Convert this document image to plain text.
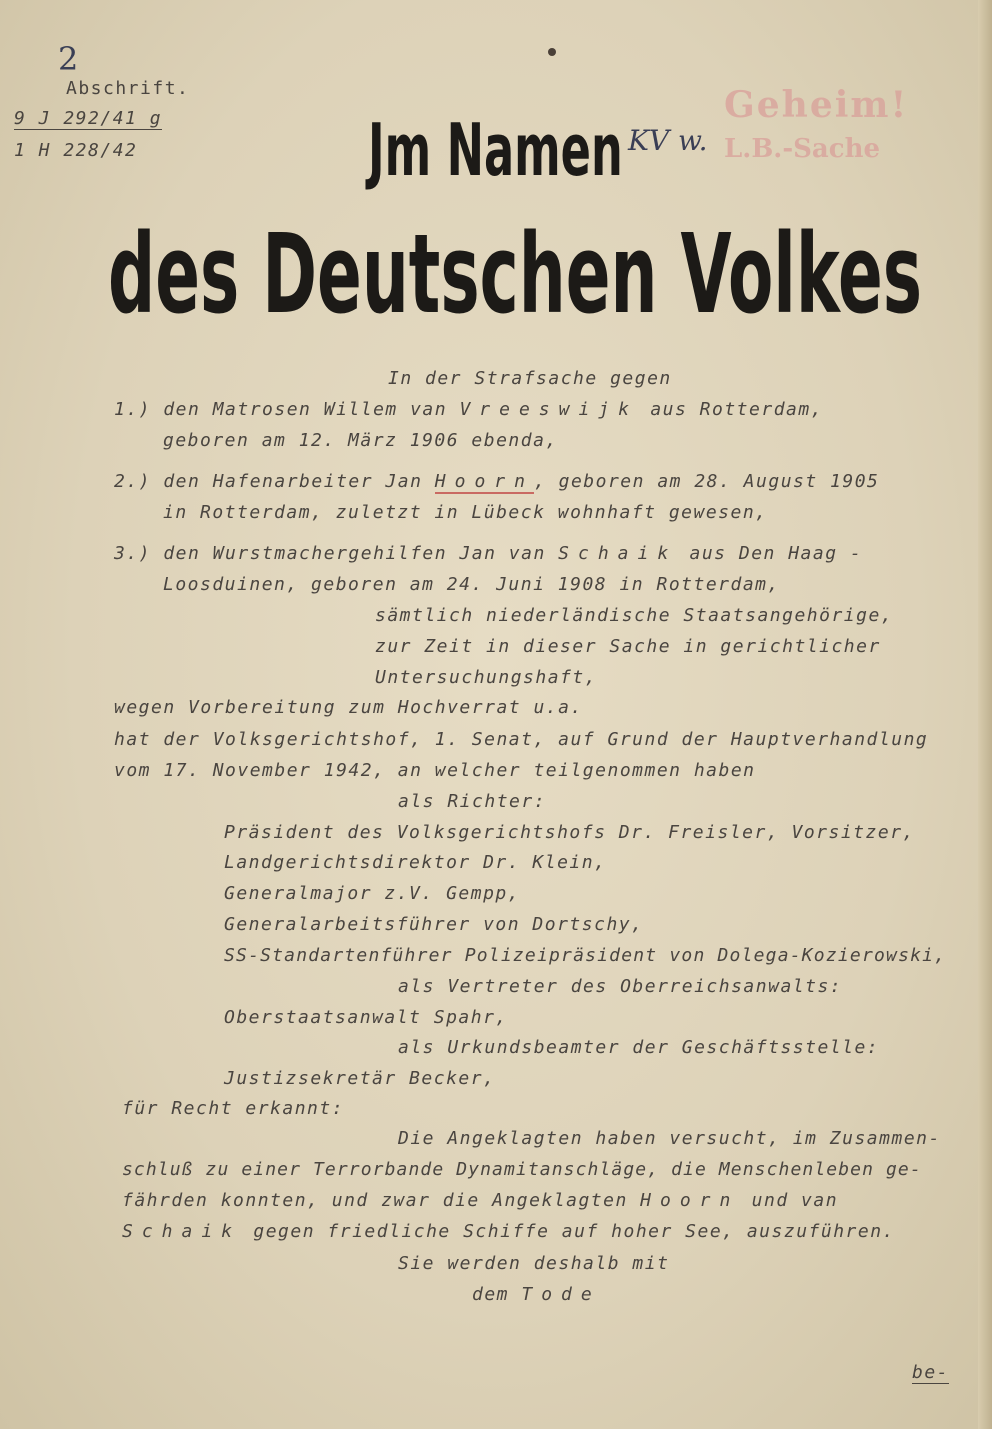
2
Abschrift.
9 J 292/41 g
1 H 228/42
Geheim!
L.B.-Sache
KV w.
Jm Namen
des Deutschen Volkes
In der Strafsache gegen
1.) den Matrosen Willem van Vreeswijk aus Rotterdam,
geboren am 12. März 1906 ebenda,
2.) den Hafenarbeiter Jan Hoorn, geboren am 28. August 1905
in Rotterdam, zuletzt in Lübeck wohnhaft gewesen,
3.) den Wurstmachergehilfen Jan van Schaik aus Den Haag -
Loosduinen, geboren am 24. Juni 1908 in Rotterdam,
sämtlich niederländische Staatsangehörige,
zur Zeit in dieser Sache in gerichtlicher
Untersuchungshaft,
wegen Vorbereitung zum Hochverrat u.a.
hat der Volksgerichtshof, 1. Senat, auf Grund der Hauptverhandlung
vom 17. November 1942, an welcher teilgenommen haben
als Richter:
Präsident des Volksgerichtshofs Dr. Freisler, Vorsitzer,
Landgerichtsdirektor Dr. Klein,
Generalmajor z.V. Gempp,
Generalarbeitsführer von Dortschy,
SS-Standartenführer Polizeipräsident von Dolega-Kozierowski,
als Vertreter des Oberreichsanwalts:
Oberstaatsanwalt Spahr,
als Urkundsbeamter der Geschäftsstelle:
Justizsekretär Becker,
für Recht erkannt:
Die Angeklagten haben versucht, im Zusammen-
schluß zu einer Terrorbande Dynamitanschläge, die Menschenleben ge-
fährden konnten, und zwar die Angeklagten Hoorn und van
Schaik gegen friedliche Schiffe auf hoher See, auszuführen.
Sie werden deshalb mit
dem Tode
be-
